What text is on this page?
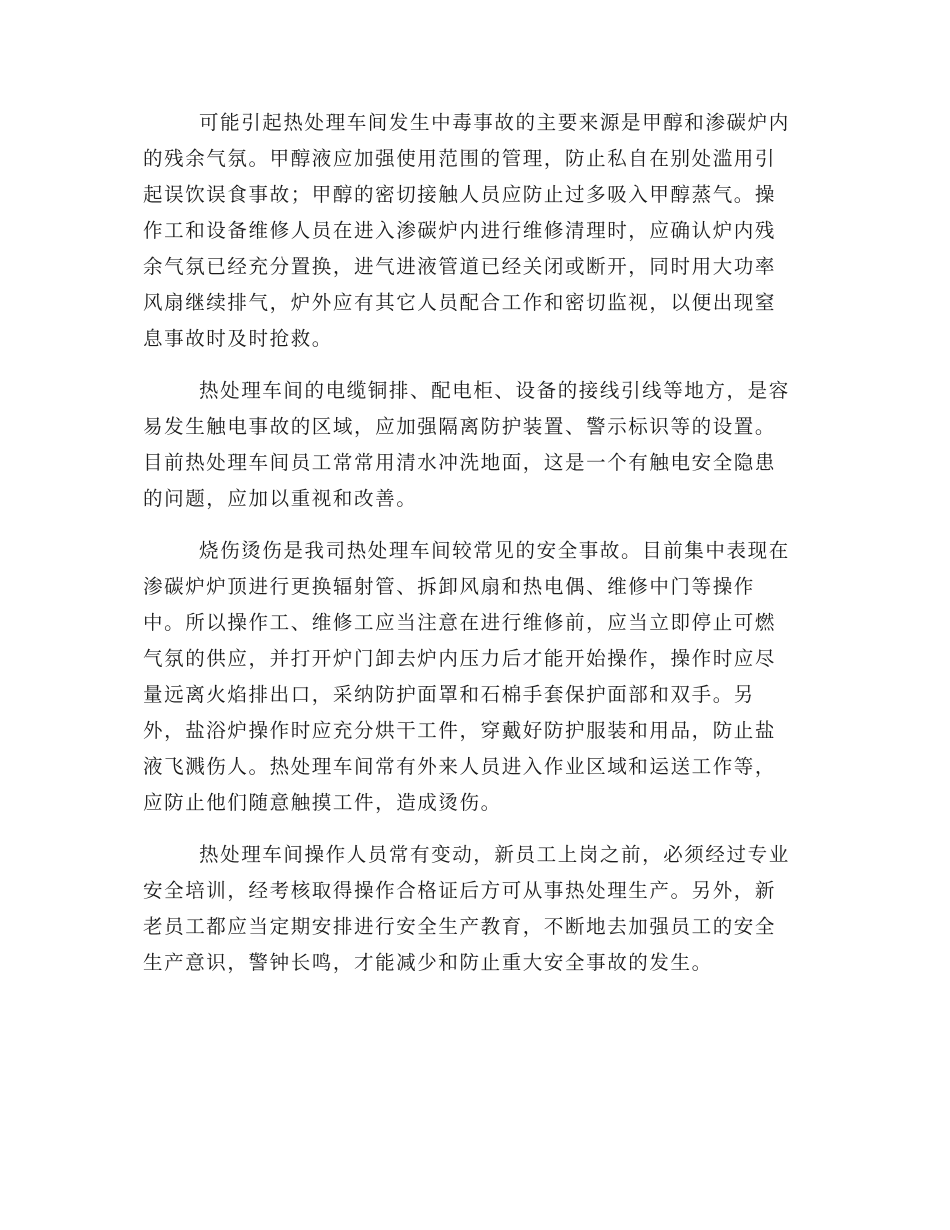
可能引起热处理车间发生中毒事故的主要来源是甲醇和渗碳炉内
的残余气氛。甲醇液应加强使用范围的管理，防止私自在别处滥用引
起误饮误食事故；甲醇的密切接触人员应防止过多吸入甲醇蒸气。操
作工和设备维修人员在进入渗碳炉内进行维修清理时，应确认炉内残
余气氛已经充分置换，进气进液管道已经关闭或断开，同时用大功率
风扇继续排气，炉外应有其它人员配合工作和密切监视，以便出现窒
息事故时及时抢救。

热处理车间的电缆铜排、配电柜、设备的接线引线等地方，是容
易发生触电事故的区域，应加强隔离防护装置、警示标识等的设置。
目前热处理车间员工常常用清水冲洗地面，这是一个有触电安全隐患
的问题，应加以重视和改善。

烧伤烫伤是我司热处理车间较常见的安全事故。目前集中表现在
渗碳炉炉顶进行更换辐射管、拆卸风扇和热电偶、维修中门等操作
中。所以操作工、维修工应当注意在进行维修前，应当立即停止可燃
气氛的供应，并打开炉门卸去炉内压力后才能开始操作，操作时应尽
量远离火焰排出口，采纳防护面罩和石棉手套保护面部和双手。另
外，盐浴炉操作时应充分烘干工件，穿戴好防护服装和用品，防止盐
液飞溅伤人。热处理车间常有外来人员进入作业区域和运送工作等，
应防止他们随意触摸工件，造成烫伤。

热处理车间操作人员常有变动，新员工上岗之前，必须经过专业
安全培训，经考核取得操作合格证后方可从事热处理生产。另外，新
老员工都应当定期安排进行安全生产教育，不断地去加强员工的安全
生产意识，警钟长鸣，才能减少和防止重大安全事故的发生。
